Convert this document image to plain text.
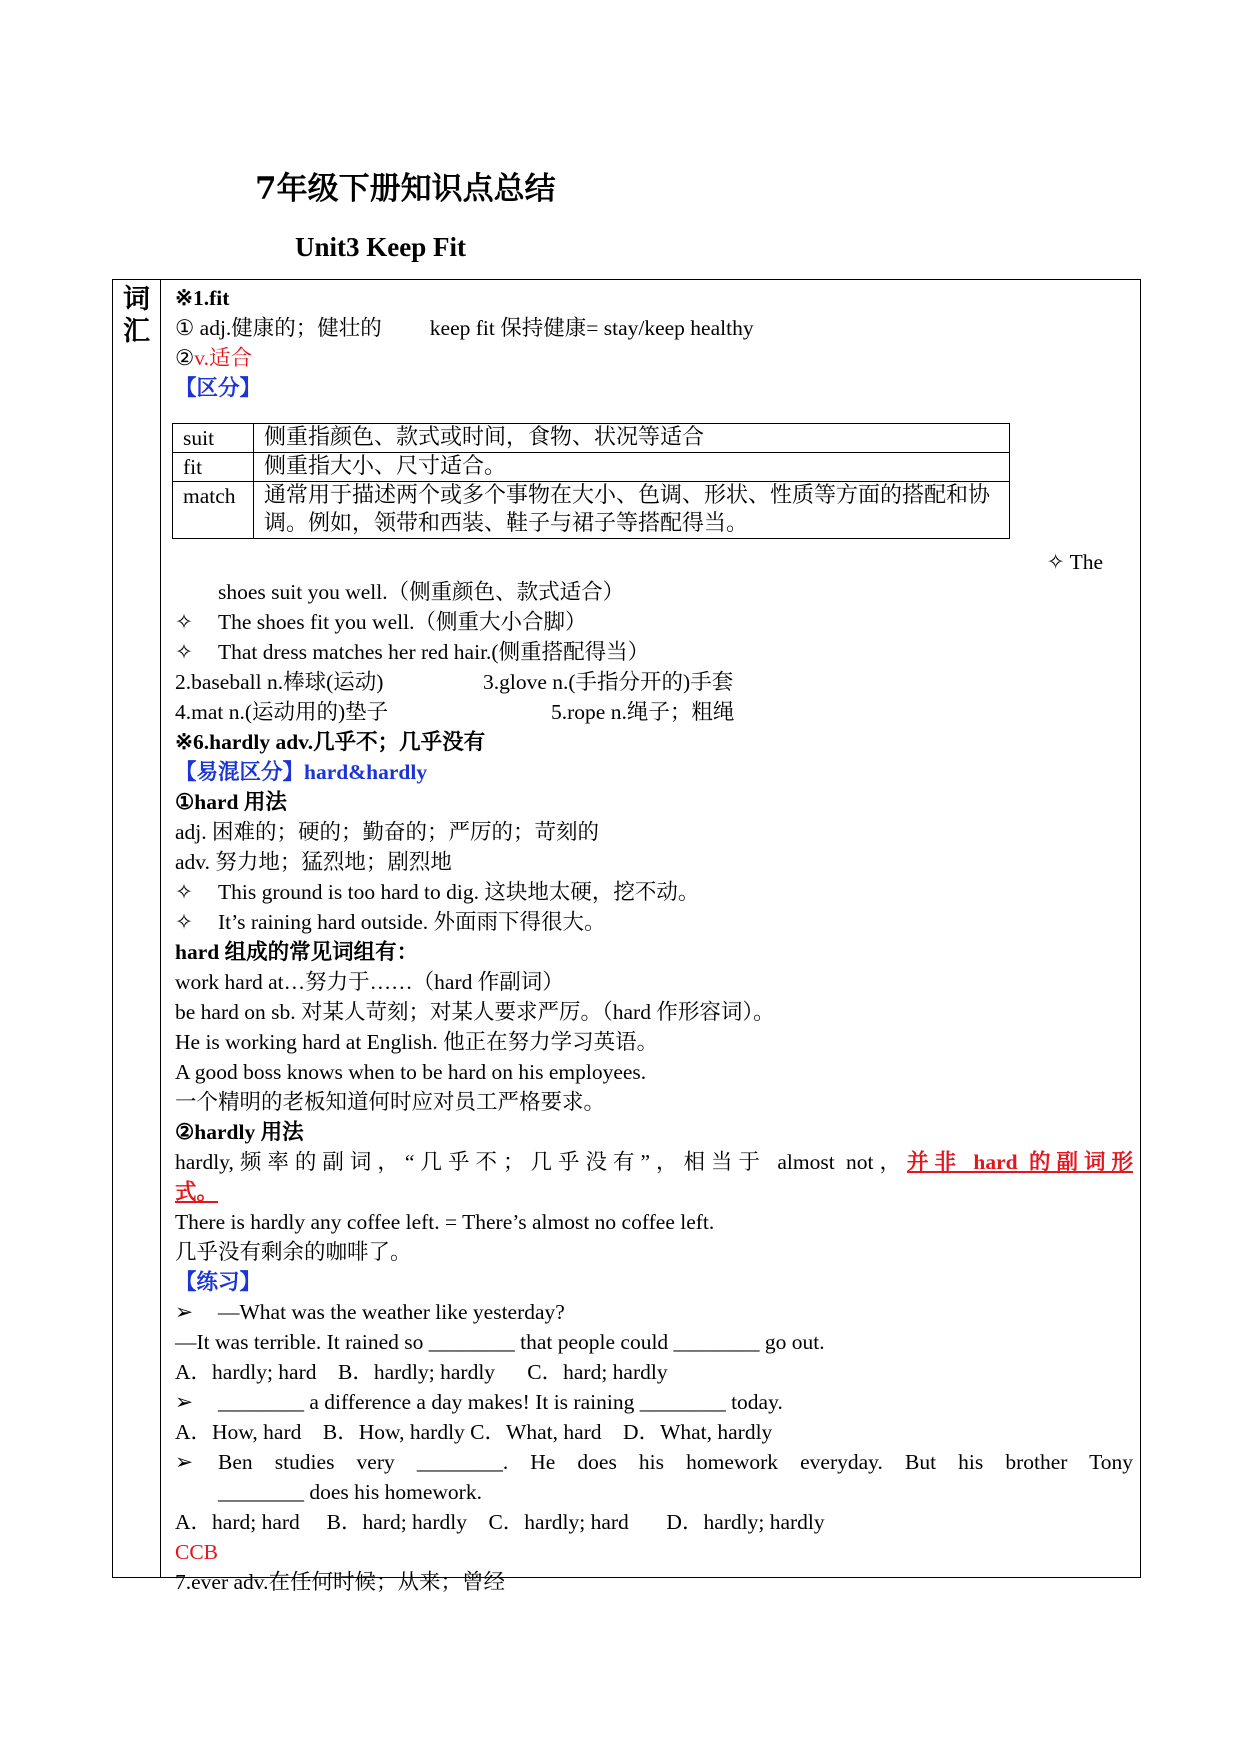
7年级下册知识点总结
Unit3 Keep Fit
词
汇
※1.fit
① adj.健康的；健壮的 keep fit 保持健康= stay/keep healthy
②v.适合
【区分】
suit	侧重指颜色、款式或时间，食物、状况等适合
fit	侧重指大小、尺寸适合。
match	通常用于描述两个或多个事物在大小、色调、形状、性质等方面的搭配和协调。例如，领带和西装、鞋子与裙子等搭配得当。
✧ The
shoes suit you well.（侧重颜色、款式适合）
✧ The shoes fit you well.（侧重大小合脚）
✧ That dress matches her red hair.(侧重搭配得当）
2.baseball n.棒球(运动)	3.glove n.(手指分开的)手套
4.mat n.(运动用的)垫子	5.rope n.绳子；粗绳
※6.hardly adv.几乎不；几乎没有
【易混区分】hard&hardly
①hard 用法
adj. 困难的；硬的；勤奋的；严厉的；苛刻的
adv. 努力地；猛烈地；剧烈地
✧ This ground is too hard to dig. 这块地太硬，挖不动。
✧ It’s raining hard outside. 外面雨下得很大。
hard 组成的常见词组有：
work hard at…努力于……（hard 作副词）
be hard on sb. 对某人苛刻；对某人要求严厉。（hard 作形容词）。
He is working hard at English. 他正在努力学习英语。
A good boss knows when to be hard on his employees.
一个精明的老板知道何时应对员工严格要求。
②hardly 用法
hardly,频率的副词，“几乎不；几乎没有”，相当于 almost not，并非 hard 的副词形
式。
There is hardly any coffee left. = There’s almost no coffee left.
几乎没有剩余的咖啡了。
【练习】
➢ —What was the weather like yesterday?
—It was terrible. It rained so ________ that people could ________ go out.
A．hardly; hard    B．hardly; hardly      C．hard; hardly
➢ ________ a difference a day makes! It is raining ________ today.
A．How, hard    B．How, hardly C．What, hard    D．What, hardly
➢ Ben studies very ________. He does his homework everyday. But his brother Tony
________ does his homework.
A．hard; hard     B．hard; hardly    C．hardly; hard       D．hardly; hardly
CCB
7.ever adv.在任何时候；从来；曾经
